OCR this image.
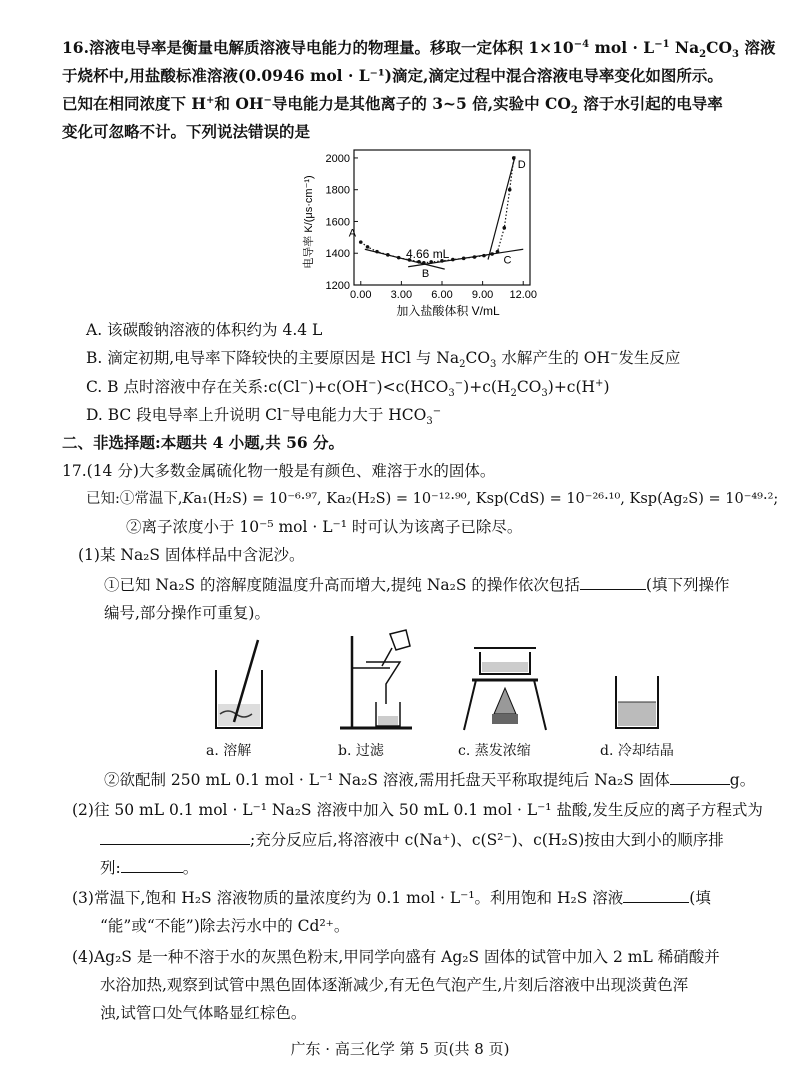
16.溶液电导率是衡量电解质溶液导电能力的物理量。移取一定体积 $1\times 10^{-4}$ mol · $L^{-1}$ $Na_2CO_3$ 溶液
于烧杯中,用盐酸标准溶液(0.0946 mol · L⁻¹)滴定,滴定过程中混合溶液电导率变化如图所示。
已知在相同浓度下 H+和 OH−导电能力是其他离子的 3~5 倍,实验中 $CO_2$ 溶于水引起的电导率
变化可忽略不计。下列说法错误的是
0.00 3.00 6.00 9.00 12.00
1200
1400
1600
1800
2000
A
B
C
D
加入盐酸体积 V/mL
电导率 K/(μs·cm⁻¹)	4.66 mL
A. 该碳酸钠溶液的体积约为 4.4 L
B. 滴定初期,电导率下降较快的主要原因是 HCl 与 $Na_2CO_3$ 水解产生的 OH−发生反应
C. B 点时溶液中存在关系$:c(Cl^-)+c(OH^-)<c(HCO_3^-)+c(H_2CO_3)+c(H^+)$
D. BC 段电导率上升说明 Cl−导电能力大于 $HCO_3^-$
二、非选择题:本题共 4 小题,共 56 分。
17.(14 分)大多数金属硫化物一般是有颜色、难溶于水的固体。
已知:①常温下,Ka₁(H₂S) = 10⁻⁶·⁹⁷, Ka₂(H₂S) = 10⁻¹²·⁹⁰, Ksp(CdS) = 10⁻²⁶·¹⁰, Ksp(Ag₂S) = 10⁻⁴⁹·²;
②离子浓度小于 10⁻⁵ mol · L⁻¹ 时可认为该离子已除尽。
(1)某 Na₂S 固体样品中含泥沙。
①已知 Na₂S 的溶解度随温度升高而增大,提纯 Na₂S 的操作依次包括	(填下列操作
编号,部分操作可重复)。
a. 溶解	b. 过滤	c. 蒸发浓缩	d. 冷却结晶
②欲配制 250 mL 0.1 mol · L⁻¹ Na₂S 溶液,需用托盘天平称取提纯后 Na₂S 固体	g。
(2)往 50 mL 0.1 mol · L⁻¹ Na₂S 溶液中加入 50 mL 0.1 mol · L⁻¹ 盐酸,发生反应的离子方程式为
;充分反应后,将溶液中 c(Na⁺)、c(S²⁻)、c(H₂S)按由大到小的顺序排
列:	。
(3)常温下,饱和 H₂S 溶液物质的量浓度约为 0.1 mol · L⁻¹。利用饱和 H₂S 溶液	(填
“能”或“不能”)除去污水中的 Cd²⁺。
(4)Ag₂S 是一种不溶于水的灰黑色粉末,甲同学向盛有 Ag₂S 固体的试管中加入 2 mL 稀硝酸并
水浴加热,观察到试管中黑色固体逐渐减少,有无色气泡产生,片刻后溶液中出现淡黄色浑
浊,试管口处气体略显红棕色。
广东 · 高三化学 第 5 页(共 8 页)
